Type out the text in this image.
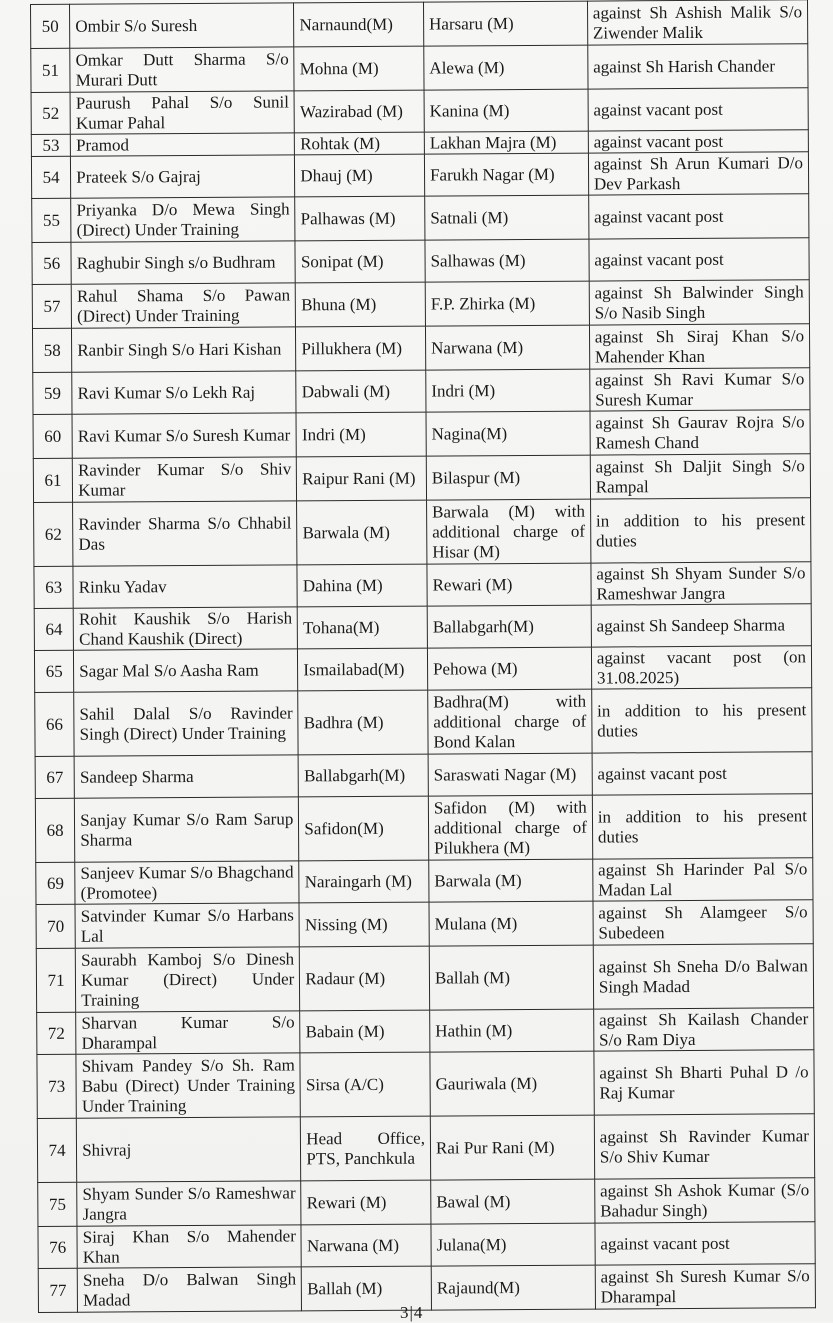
50	Ombir S/o Suresh	Narnaund(M)	Harsaru (M)	against Sh Ashish Malik S/o Ziwender Malik
51	Omkar Dutt Sharma S/o Murari Dutt	Mohna (M)	Alewa (M)	against Sh Harish Chander
52	Paurush Pahal S/o Sunil Kumar Pahal	Wazirabad (M)	Kanina (M)	against vacant post
53	Pramod	Rohtak (M)	Lakhan Majra (M)	against vacant post
54	Prateek S/o Gajraj	Dhauj (M)	Farukh Nagar (M)	against Sh Arun Kumari D/o Dev Parkash
55	Priyanka D/o Mewa Singh (Direct) Under Training	Palhawas (M)	Satnali (M)	against vacant post
56	Raghubir Singh s/o Budhram	Sonipat (M)	Salhawas (M)	against vacant post
57	Rahul Shama S/o Pawan (Direct) Under Training	Bhuna (M)	F.P. Zhirka (M)	against Sh Balwinder Singh S/o Nasib Singh
58	Ranbir Singh S/o Hari Kishan	Pillukhera (M)	Narwana (M)	against Sh Siraj Khan S/o Mahender Khan
59	Ravi Kumar S/o Lekh Raj	Dabwali (M)	Indri (M)	against Sh Ravi Kumar S/o Suresh Kumar
60	Ravi Kumar S/o Suresh Kumar	Indri (M)	Nagina(M)	against Sh Gaurav Rojra S/o Ramesh Chand
61	Ravinder Kumar S/o Shiv Kumar	Raipur Rani (M)	Bilaspur (M)	against Sh Daljit Singh S/o Rampal
62	Ravinder Sharma S/o Chhabil Das	Barwala (M)	Barwala (M) with additional charge of Hisar (M)	in addition to his present duties
63	Rinku Yadav	Dahina (M)	Rewari (M)	against Sh Shyam Sunder S/o Rameshwar Jangra
64	Rohit Kaushik S/o Harish Chand Kaushik (Direct)	Tohana(M)	Ballabgarh(M)	against Sh Sandeep Sharma
65	Sagar Mal S/o Aasha Ram	Ismailabad(M)	Pehowa (M)	against vacant post (on 31.08.2025)
66	Sahil Dalal S/o Ravinder Singh (Direct) Under Training	Badhra (M)	Badhra(M) with additional charge of Bond Kalan	in addition to his present duties
67	Sandeep Sharma	Ballabgarh(M)	Saraswati Nagar (M)	against vacant post
68	Sanjay Kumar S/o Ram Sarup Sharma	Safidon(M)	Safidon (M) with additional charge of Pilukhera (M)	in addition to his present duties
69	Sanjeev Kumar S/o Bhagchand (Promotee)	Naraingarh (M)	Barwala (M)	against Sh Harinder Pal S/o Madan Lal
70	Satvinder Kumar S/o Harbans Lal	Nissing (M)	Mulana (M)	against Sh Alamgeer S/o Subedeen
71	Saurabh Kamboj S/o Dinesh Kumar (Direct) Under Training	Radaur (M)	Ballah (M)	against Sh Sneha D/o Balwan Singh Madad
72	Sharvan Kumar S/o Dharampal	Babain (M)	Hathin (M)	against Sh Kailash Chander S/o Ram Diya
73	Shivam Pandey S/o Sh. Ram Babu (Direct) Under Training Under Training	Sirsa (A/C)	Gauriwala (M)	against Sh Bharti Puhal D /o Raj Kumar
74	Shivraj	Head Office, PTS, Panchkula	Rai Pur Rani (M)	against Sh Ravinder Kumar S/o Shiv Kumar
75	Shyam Sunder S/o Rameshwar Jangra	Rewari (M)	Bawal (M)	against Sh Ashok Kumar (S/o Bahadur Singh)
76	Siraj Khan S/o Mahender Khan	Narwana (M)	Julana(M)	against vacant post
77	Sneha D/o Balwan Singh Madad	Ballah (M)	Rajaund(M)	against Sh Suresh Kumar S/o Dharampal
3|4
